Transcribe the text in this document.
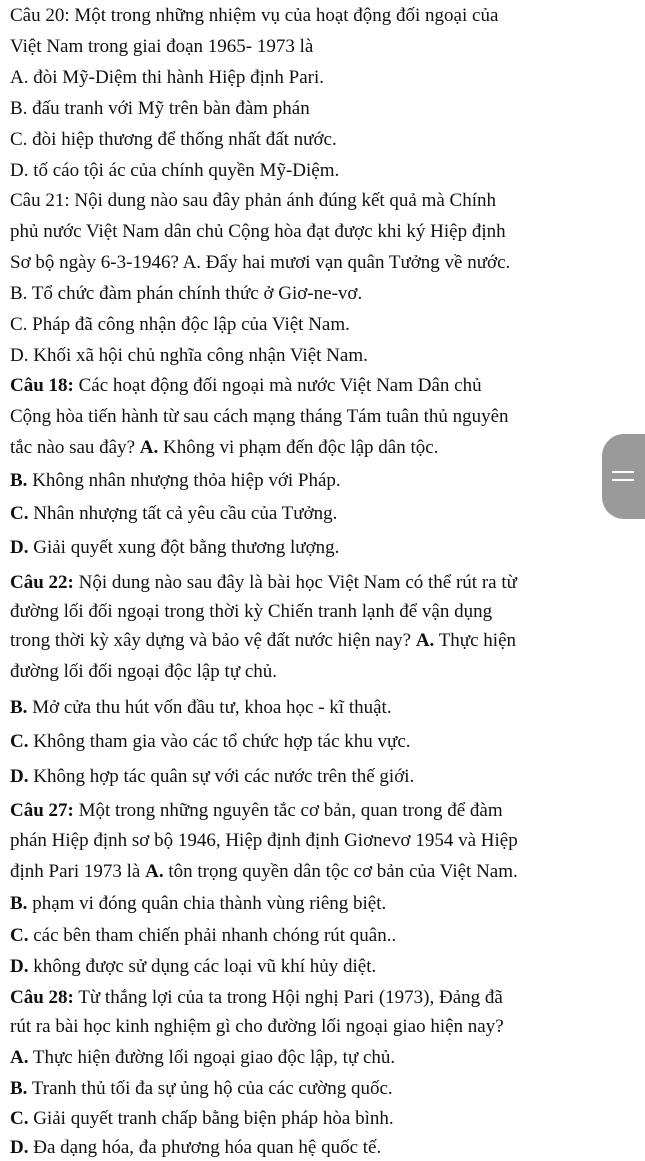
Câu 20: Một trong những nhiệm vụ của hoạt động đối ngoại của
Việt Nam trong giai đoạn 1965- 1973 là
A. đòi Mỹ-Diệm thi hành Hiệp định Pari.
B. đấu tranh với Mỹ trên bàn đàm phán
C. đòi hiệp thương để thống nhất đất nước.
D. tố cáo tội ác của chính quyền Mỹ-Diệm.
Câu 21: Nội dung nào sau đây phản ánh đúng kết quả mà Chính
phủ nước Việt Nam dân chủ Cộng hòa đạt được khi ký Hiệp định
Sơ bộ ngày 6-3-1946? A. Đẩy hai mươi vạn quân Tưởng về nước.
B. Tổ chức đàm phán chính thức ở Giơ-ne-vơ.
C. Pháp đã công nhận độc lập của Việt Nam.
D. Khối xã hội chủ nghĩa công nhận Việt Nam.
Câu 18: Các hoạt động đối ngoại mà nước Việt Nam Dân chủ
Cộng hòa tiến hành từ sau cách mạng tháng Tám tuân thủ nguyên
tắc nào sau đây? A. Không vi phạm đến độc lập dân tộc.
B. Không nhân nhượng thỏa hiệp với Pháp.
C. Nhân nhượng tất cả yêu cầu của Tưởng.
D. Giải quyết xung đột bằng thương lượng.
Câu 22: Nội dung nào sau đây là bài học Việt Nam có thể rút ra từ
đường lối đối ngoại trong thời kỳ Chiến tranh lạnh để vận dụng
trong thời kỳ xây dựng và bảo vệ đất nước hiện nay? A. Thực hiện
đường lối đối ngoại độc lập tự chủ.
B. Mở cửa thu hút vốn đầu tư, khoa học - kĩ thuật.
C. Không tham gia vào các tổ chức hợp tác khu vực.
D. Không hợp tác quân sự với các nước trên thế giới.
Câu 27: Một trong những nguyên tắc cơ bản, quan trong để đàm
phán Hiệp định sơ bộ 1946, Hiệp định định Giơnevơ 1954 và Hiệp
định Pari 1973 là A. tôn trọng quyền dân tộc cơ bản của Việt Nam.
B. phạm vi đóng quân chia thành vùng riêng biệt.
C. các bên tham chiến phải nhanh chóng rút quân..
D. không được sử dụng các loại vũ khí hủy diệt.
Câu 28: Từ thắng lợi của ta trong Hội nghị Pari (1973), Đảng đã
rút ra bài học kinh nghiệm gì cho đường lối ngoại giao hiện nay?
A. Thực hiện đường lối ngoại giao độc lập, tự chủ.
B. Tranh thủ tối đa sự ủng hộ của các cường quốc.
C. Giải quyết tranh chấp bằng biện pháp hòa bình.
D. Đa dạng hóa, đa phương hóa quan hệ quốc tế.
